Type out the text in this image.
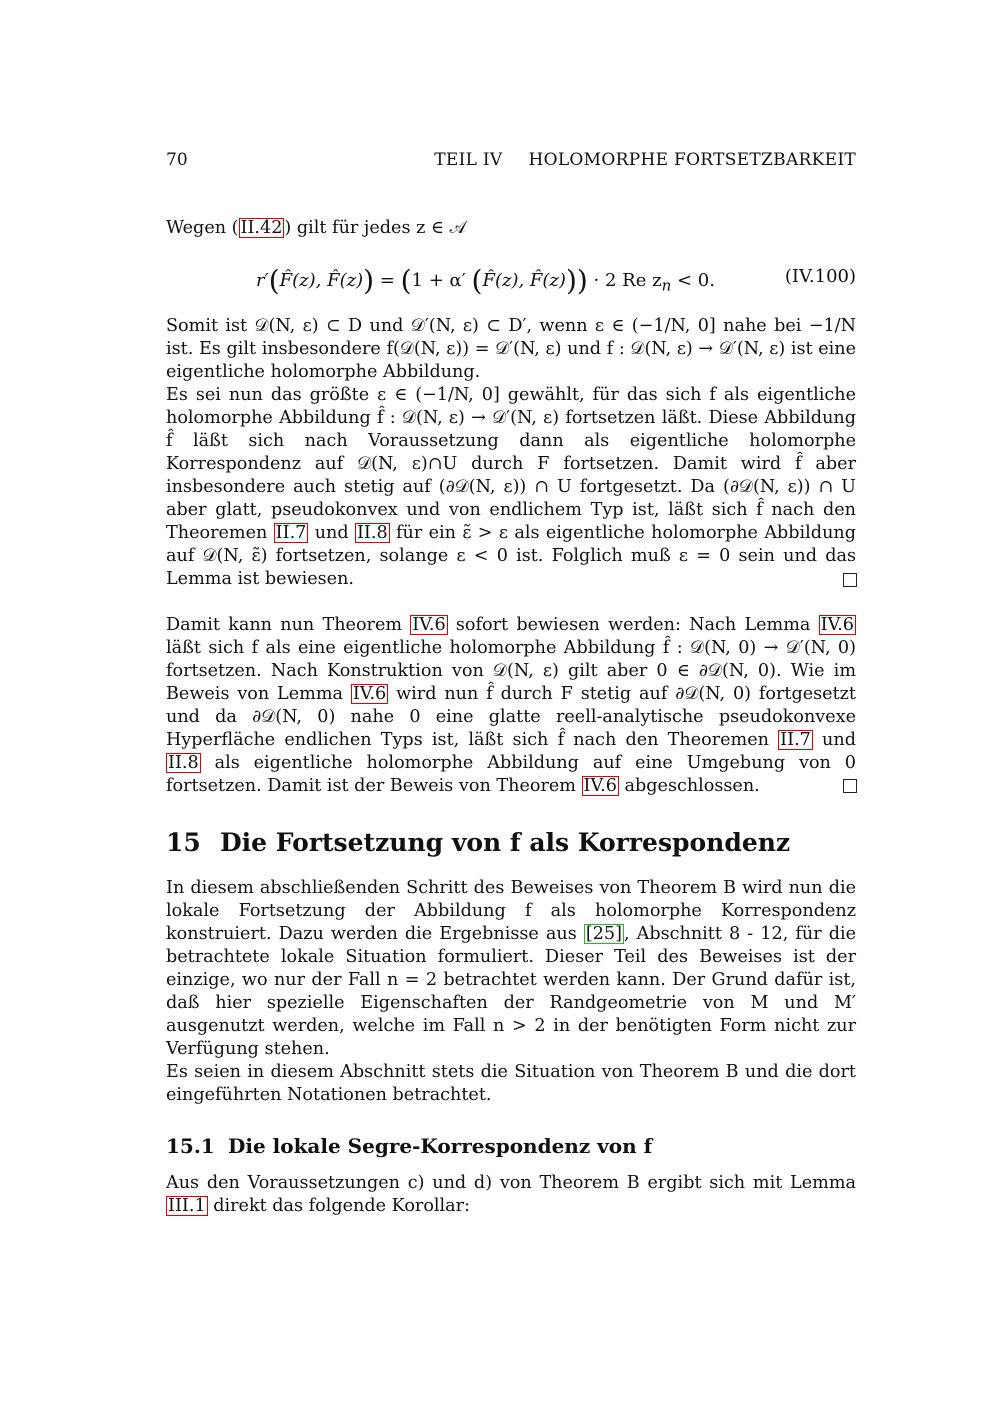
70	TEIL IV HOLOMORPHE FORTSETZBARKEIT

Wegen ( II.42 ) gilt für jedes z ∈ 𝒜

r′(F̂(z), F̂(z)) = (1 + α′ (F̂(z), F̂(z))) · 2 Re $z_n < 0$.	(IV.100)

Somit ist 𝒟(N, ε) ⊂ D und 𝒟′(N, ε) ⊂ D′, wenn ε ∈ (−1/N, 0] nahe bei −1/N ist. Es gilt insbesondere f(𝒟(N, ε)) = 𝒟′(N, ε) und f : 𝒟(N, ε) → 𝒟′(N, ε) ist eine eigentliche holomorphe Abbildung.

Es sei nun das größte ε ∈ (−1/N, 0] gewählt, für das sich f als eigentliche holomorphe Abbildung f̂ : 𝒟(N, ε) → 𝒟′(N, ε) fortsetzen läßt. Diese Abbildung f̂ läßt sich nach Voraussetzung dann als eigentliche holomorphe Korrespondenz auf 𝒟(N, ε)∩U durch F fortsetzen. Damit wird f̂ aber insbesondere auch stetig auf (∂𝒟(N, ε)) ∩ U fortgesetzt. Da (∂𝒟(N, ε)) ∩ U aber glatt, pseudokonvex und von endlichem Typ ist, läßt sich f̂ nach den Theoremen II.7 und II.8 für ein ε̃ > ε als eigentliche holomorphe Abbildung auf 𝒟(N, ε̃) fortsetzen, solange ε < 0 ist. Folglich muß ε = 0 sein und das Lemma ist bewiesen.

Damit kann nun Theorem IV.6 sofort bewiesen werden: Nach Lemma IV.6 läßt sich f als eine eigentliche holomorphe Abbildung f̂ : 𝒟(N, 0) → 𝒟′(N, 0) fortsetzen. Nach Konstruktion von 𝒟(N, ε) gilt aber 0 ∈ ∂𝒟(N, 0). Wie im Beweis von Lemma IV.6 wird nun f̂ durch F stetig auf ∂𝒟(N, 0) fortgesetzt und da ∂𝒟(N, 0) nahe 0 eine glatte reell-analytische pseudokonvexe Hyperfläche endlichen Typs ist, läßt sich f̂ nach den Theoremen II.7 und II.8 als eigentliche holomorphe Abbildung auf eine Umgebung von 0 fortsetzen. Damit ist der Beweis von Theorem IV.6 abgeschlossen.

15 Die Fortsetzung von f als Korrespondenz

In diesem abschließenden Schritt des Beweises von Theorem B wird nun die lokale Fortsetzung der Abbildung f als holomorphe Korrespondenz konstruiert. Dazu werden die Ergebnisse aus [25] , Abschnitt 8 - 12, für die betrachtete lokale Situation formuliert. Dieser Teil des Beweises ist der einzige, wo nur der Fall n = 2 betrachtet werden kann. Der Grund dafür ist, daß hier spezielle Eigenschaften der Randgeometrie von M und M′ ausgenutzt werden, welche im Fall n > 2 in der benötigten Form nicht zur Verfügung stehen.

Es seien in diesem Abschnitt stets die Situation von Theorem B und die dort eingeführten Notationen betrachtet.

15.1 Die lokale Segre-Korrespondenz von f

Aus den Voraussetzungen c) und d) von Theorem B ergibt sich mit Lemma III.1 direkt das folgende Korollar:
